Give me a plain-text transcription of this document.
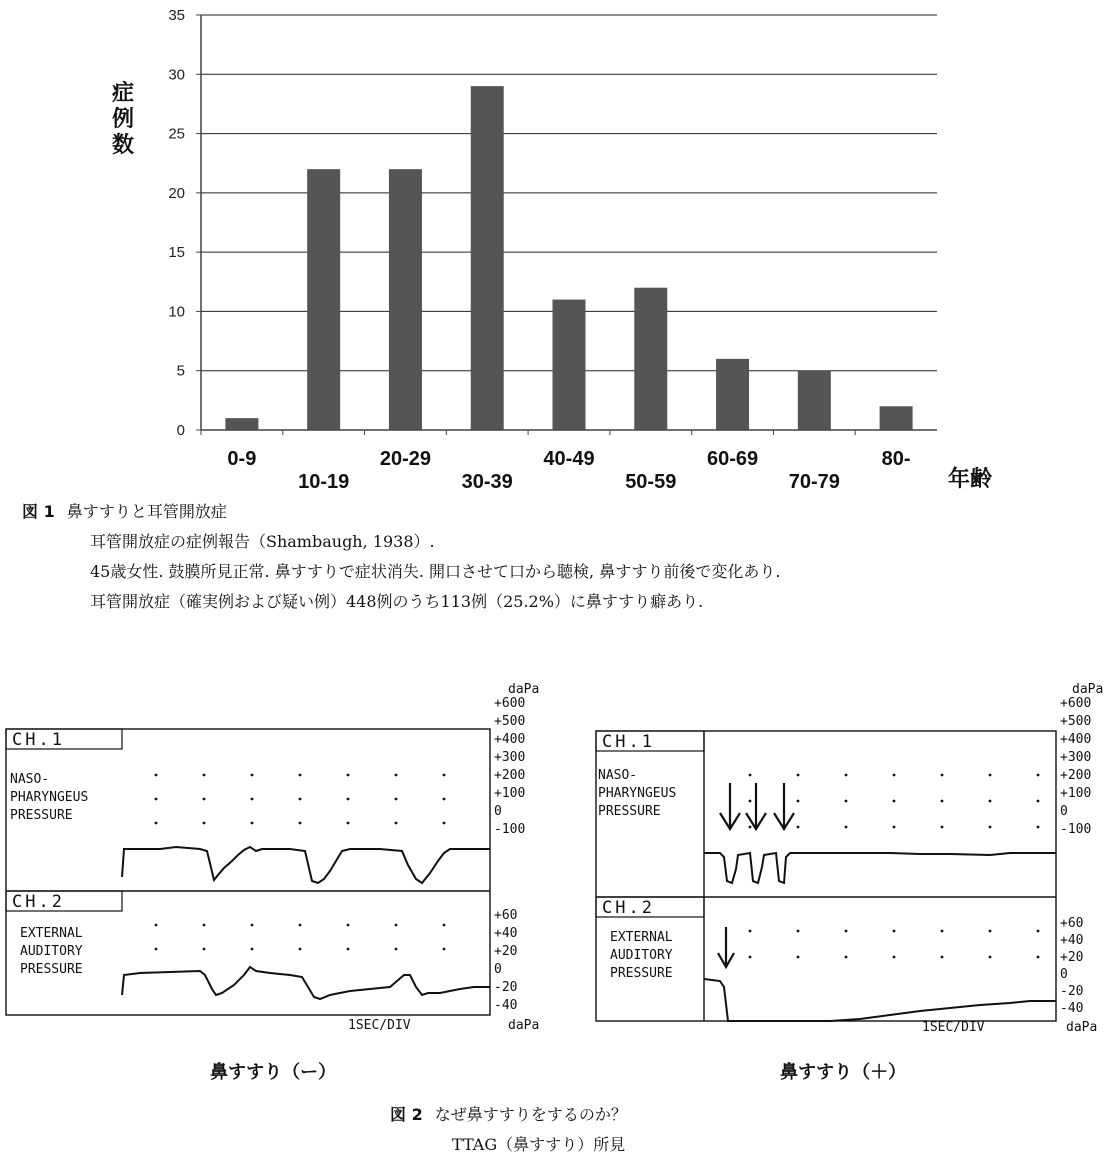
0
5
10
15
20
25
30
35
0-9
10-19
20-29
30-39
40-49
50-59
60-69
70-79
80-
症
例
数
年齢
図 1 鼻すすりと耳管開放症
耳管開放症の症例報告（Shambaugh, 1938）.
45歳女性. 鼓膜所見正常. 鼻すすりで症状消失. 開口させて口から聴検, 鼻すすり前後で変化あり.
耳管開放症（確実例および疑い例）448例のうち113例（25.2%）に鼻すすり癖あり.
CH.1
CH.2
NASO-
PHARYNGEUS
PRESSURE
EXTERNAL
AUDITORY
PRESSURE
daPa
+600
+500
+400
+300
+200
+100
0
-100
+60
+40
+20
0
-20
-40
daPa
1SEC/DIV
鼻すすり（ー）
CH.1
CH.2
NASO-
PHARYNGEUS
PRESSURE
EXTERNAL
AUDITORY
PRESSURE
daPa
+600
+500
+400
+300
+200
+100
0
-100
+60
+40
+20
0
-20
-40
daPa
1SEC/DIV
鼻すすり（＋）
図 2 なぜ鼻すすりをするのか？
TTAG（鼻すすり）所見
